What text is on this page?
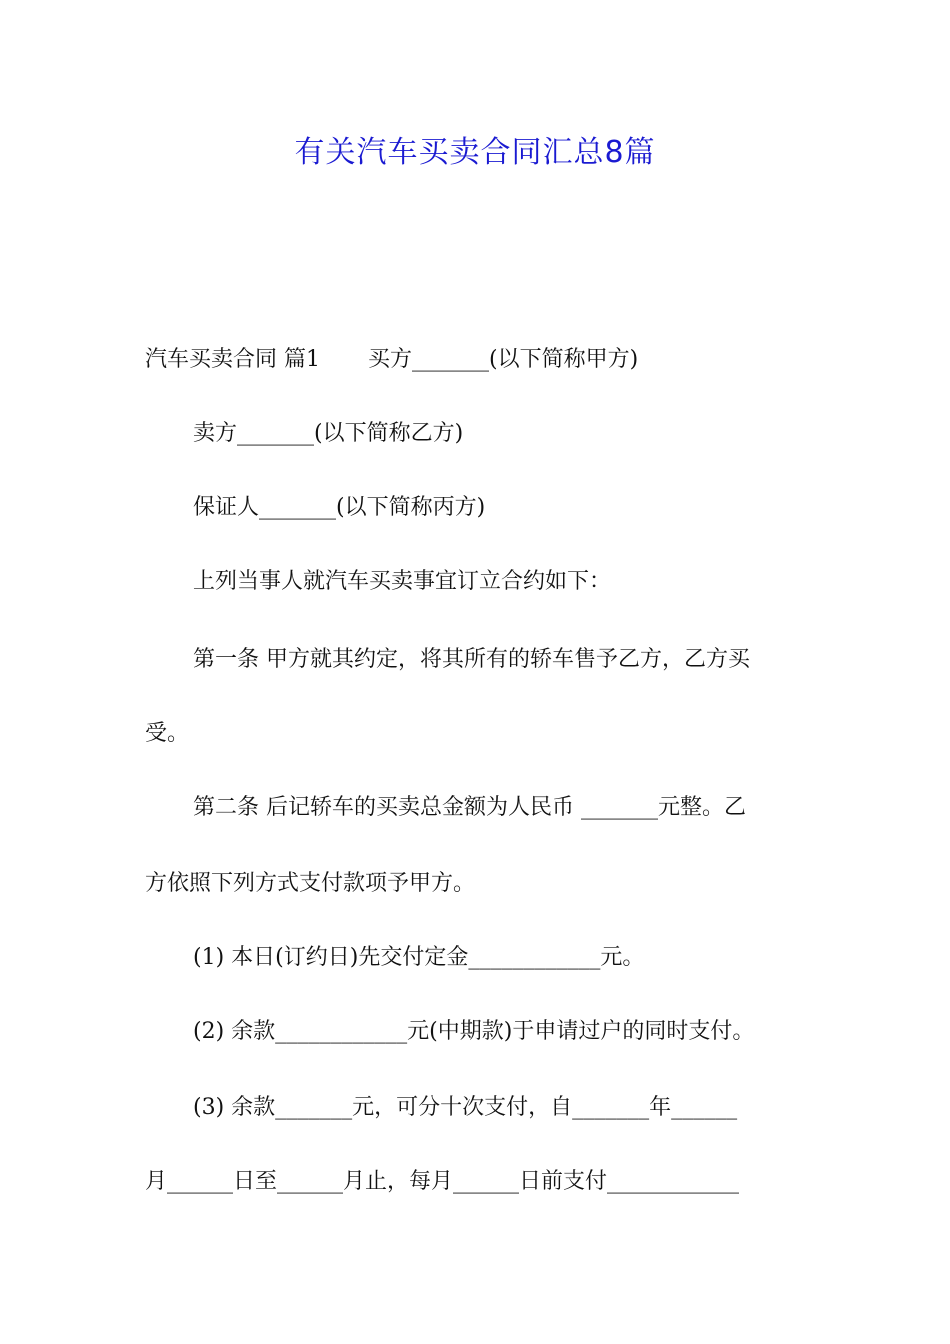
有关汽车买卖合同汇总8篇
汽车买卖合同 篇1 买方_______(以下简称甲方)
卖方_______(以下简称乙方)
保证人_______(以下简称丙方)
上列当事人就汽车买卖事宜订立合约如下：
第一条 甲方就其约定，将其所有的轿车售予乙方，乙方买
受。
第二条 后记轿车的买卖总金额为人民币 _______元整。乙
方依照下列方式支付款项予甲方。
(1) 本日(订约日)先交付定金____________元。
(2) 余款____________元(中期款)于申请过户的同时支付。
(3) 余款_______元，可分十次支付，自_______年______
月______日至______月止，每月______日前支付____________
